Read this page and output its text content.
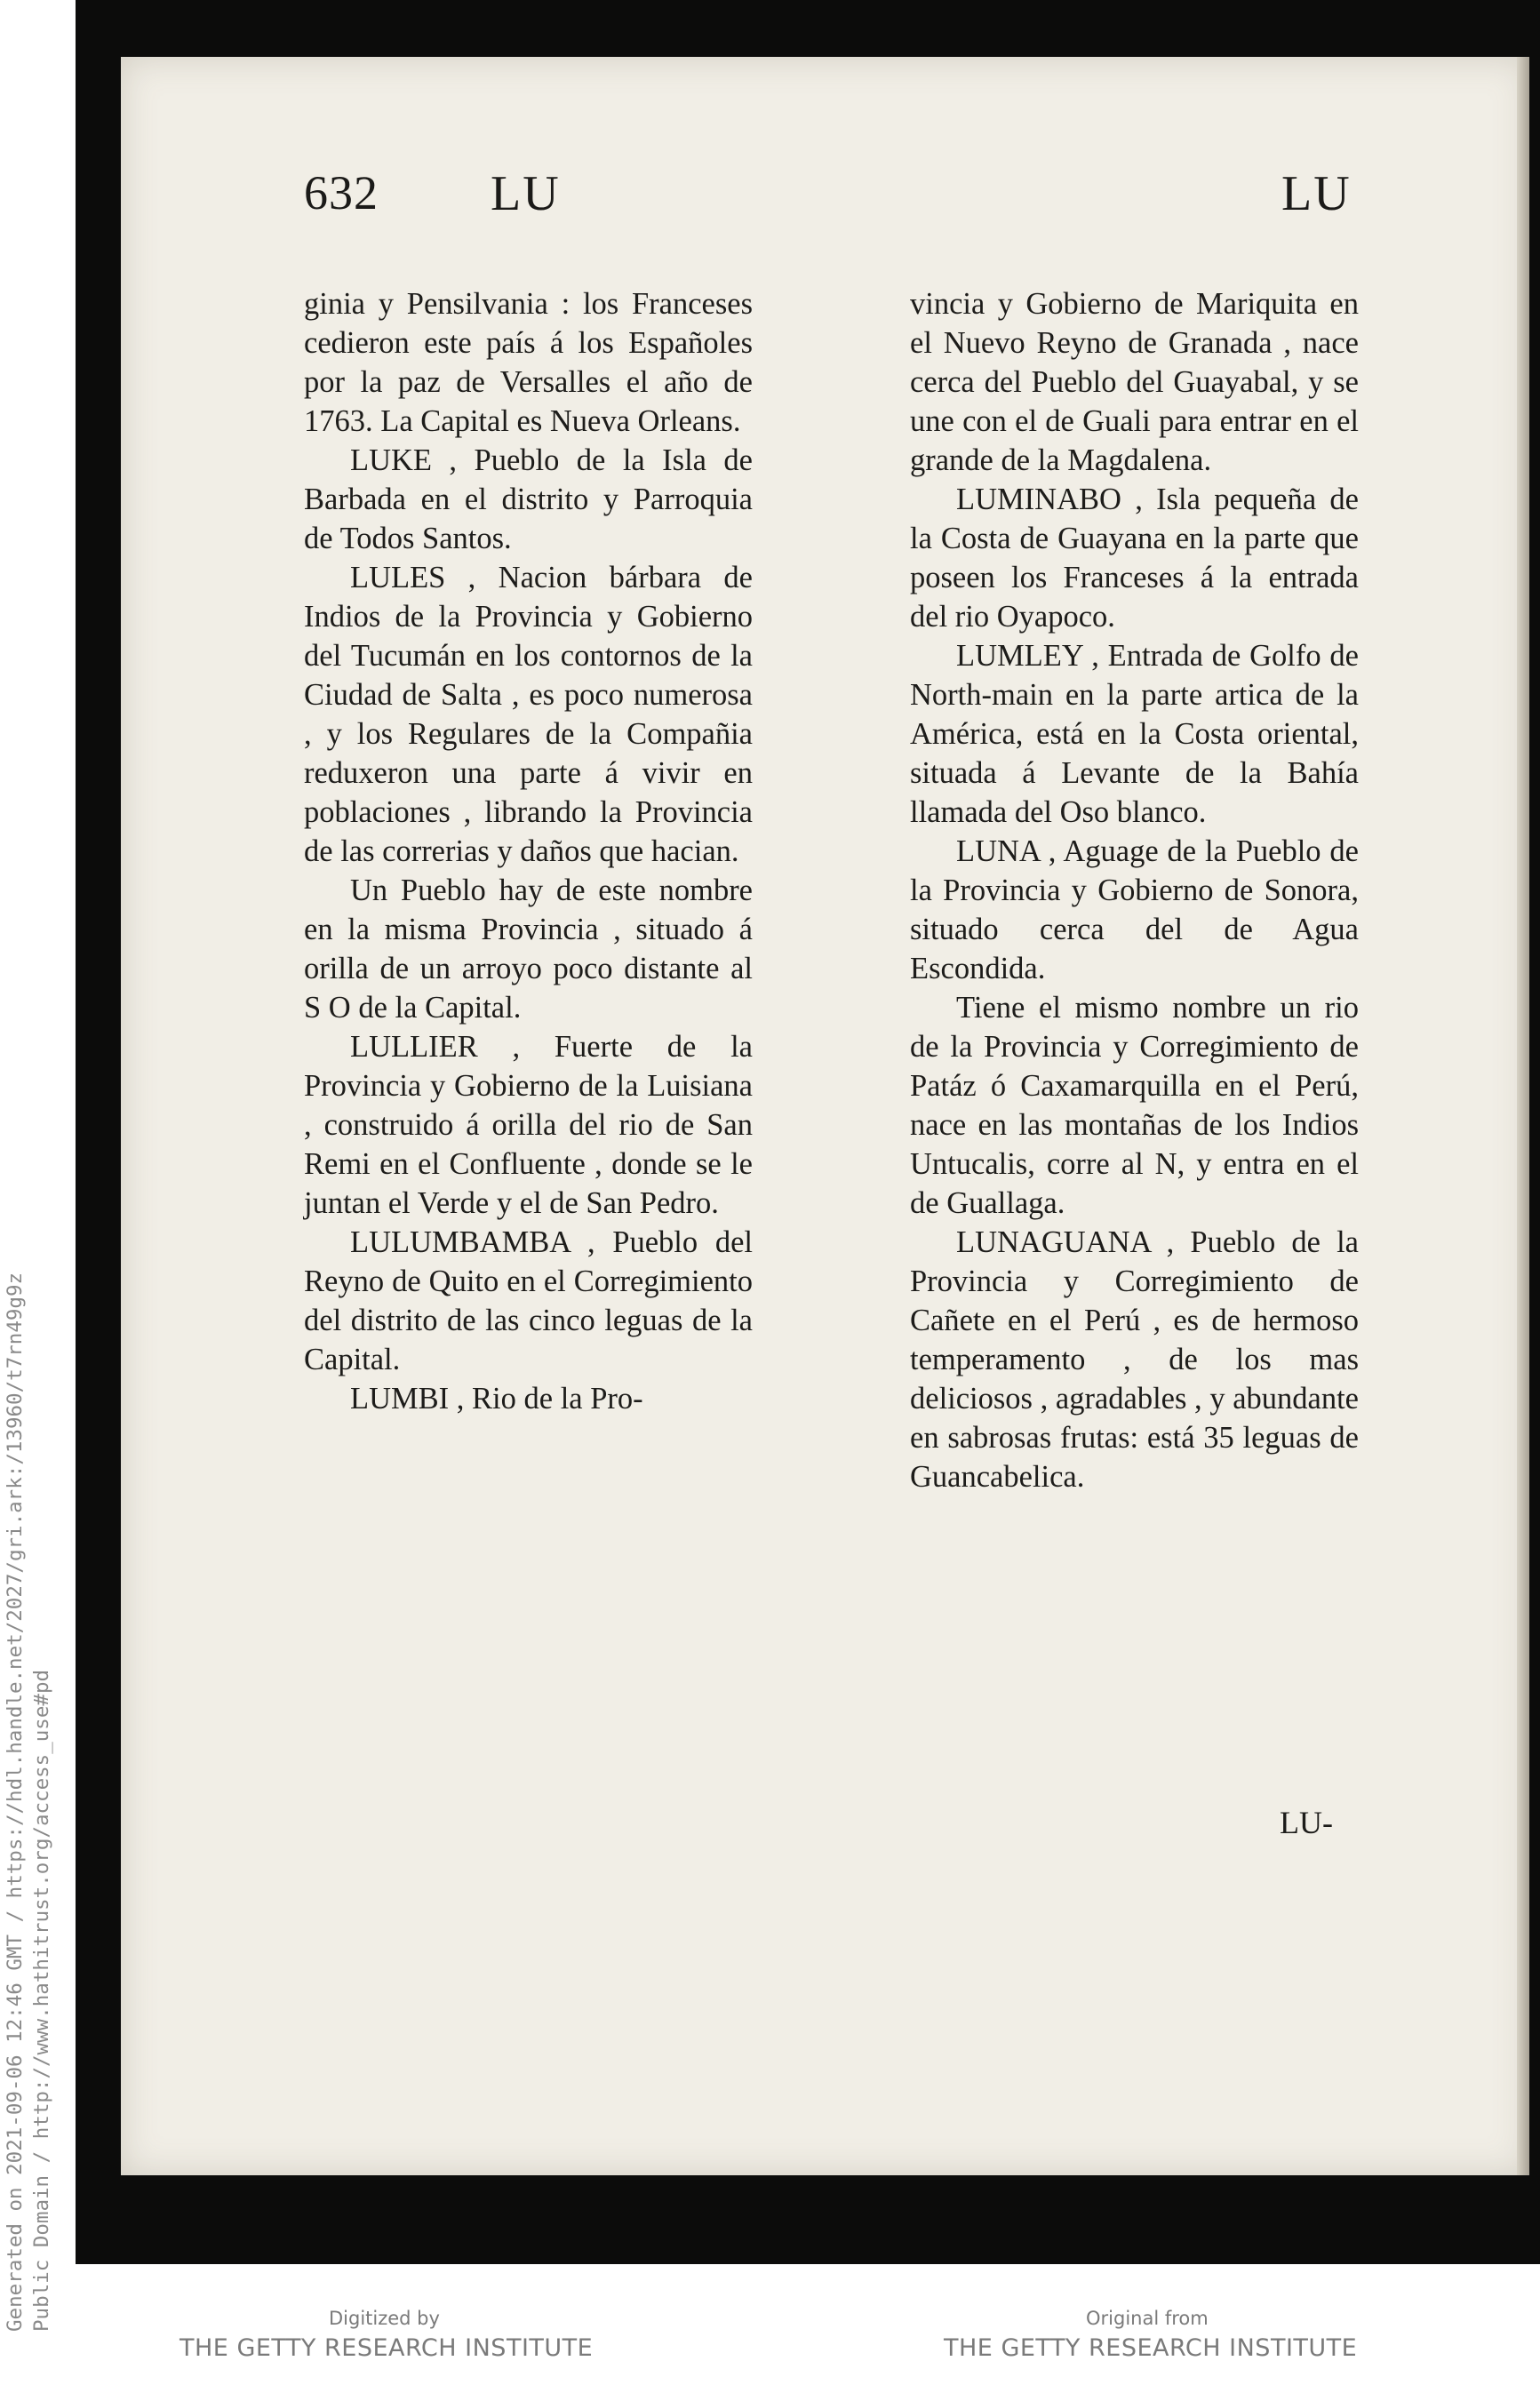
632 LU	LU

ginia y Pensilvania : los Franceses cedieron este país á los Españoles por la paz de Versalles el año de 1763. La Capital es Nueva Orleans.

LUKE , Pueblo de la Isla de Barbada en el distrito y Parroquia de Todos Santos.

LULES , Nacion bárbara de Indios de la Provincia y Gobierno del Tucumán en los contornos de la Ciudad de Salta , es poco numerosa , y los Regulares de la Compañia reduxeron una parte á vivir en poblaciones , librando la Provincia de las correrias y daños que hacian.

Un Pueblo hay de este nombre en la misma Provincia , situado á orilla de un arroyo poco distante al S O de la Capital.

LULLIER , Fuerte de la Provincia y Gobierno de la Luisiana , construido á orilla del rio de San Remi en el Confluente , donde se le juntan el Verde y el de San Pedro.

LULUMBAMBA , Pueblo del Reyno de Quito en el Corregimiento del distrito de las cinco leguas de la Capital.

LUMBI , Rio de la Pro-

vincia y Gobierno de Mariquita en el Nuevo Reyno de Granada , nace cerca del Pueblo del Guayabal, y se une con el de Guali para entrar en el grande de la Magdalena.

LUMINABO , Isla pequeña de la Costa de Guayana en la parte que poseen los Franceses á la entrada del rio Oyapoco.

LUMLEY , Entrada de Golfo de North-main en la parte artica de la América, está en la Costa oriental, situada á Levante de la Bahía llamada del Oso blanco.

LUNA , Aguage de la Pueblo de la Provincia y Gobierno de Sonora, situado cerca del de Agua Escondida.

Tiene el mismo nombre un rio de la Provincia y Corregimiento de Patáz ó Caxamarquilla en el Perú, nace en las montañas de los Indios Untucalis, corre al N, y entra en el de Guallaga.

LUNAGUANA , Pueblo de la Provincia y Corregimiento de Cañete en el Perú , es de hermoso temperamento , de los mas deliciosos , agradables , y abundante en sabrosas frutas: está 35 leguas de Guancabelica.

LU-
Generated on 2021-09-06 12:46 GMT / https://hdl.handle.net/2027/gri.ark:/13960/t7rn49g9z Public Domain / http://www.hathitrust.org/access_use#pd	Digitized by
THE GETTY RESEARCH INSTITUTE
Original from
THE GETTY RESEARCH INSTITUTE
